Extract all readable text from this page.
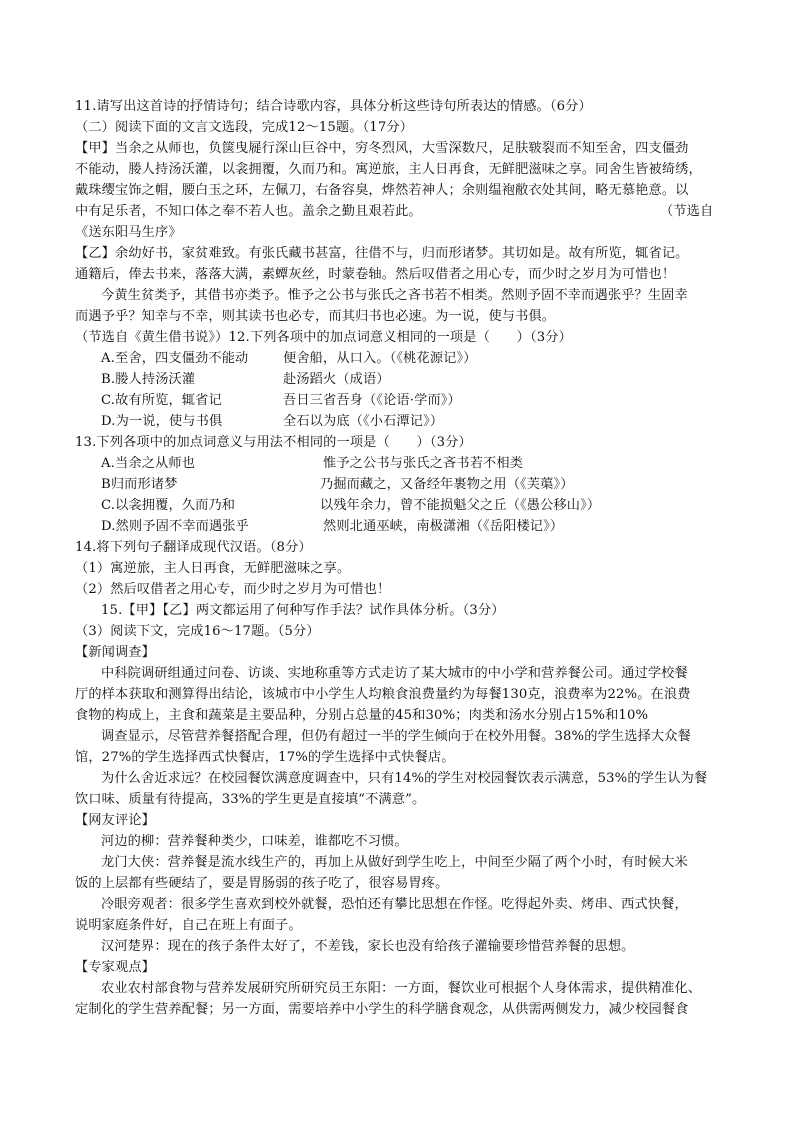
11.请写出这首诗的抒情诗句；结合诗歌内容，具体分析这些诗句所表达的情感。（6分）
（二）阅读下面的文言文选段，完成12～15题。（17分）
【甲】当余之从师也，负箧曳屣行深山巨谷中，穷冬烈风，大雪深数尺，足肤皲裂而不知至舍，四支僵劲
不能动，媵人持汤沃灌，以衾拥覆，久而乃和。寓逆旅，主人日再食，无鲜肥滋味之享。同舍生皆被绮绣，
戴珠缨宝饰之帽，腰白玉之环，左佩刀，右备容臭，烨然若神人；余则缊袍敝衣处其间，略无慕艳意。以
中有足乐者，不知口体之奉不若人也。盖余之勤且艰若此。	（节选自
《送东阳马生序》
【乙】余幼好书，家贫难致。有张氏藏书甚富，往借不与，归而形诸梦。其切如是。故有所览，辄省记。
通籍后，俸去书来，落落大满，素蟫灰丝，时蒙卷轴。然后叹借者之用心专，而少时之岁月为可惜也！
今黄生贫类予，其借书亦类予。惟予之公书与张氏之吝书若不相类。然则予固不幸而遇张乎？生固幸
而遇予乎？知幸与不幸，则其读书也必专，而其归书也必速。为一说，使与书俱。
（节选自《黄生借书说》）12.下列各项中的加点词意义相同的一项是（　　）（3分）
A.至舍，四支僵劲不能动	便舍船，从口入。（《桃花源记》）
B.媵人持汤沃灌	赴汤蹈火（成语）
C.故有所览，辄省记	吾日三省吾身（《论语·学而》）
D.为一说，使与书俱	全石以为底（《小石潭记》）
13.下列各项中的加点词意义与用法不相同的一项是（　　）（3分）
A.当余之从师也	惟予之公书与张氏之吝书若不相类
B归而形诸梦	乃掘而藏之，又备经年裹物之用（《芙蕖》）
C.以衾拥覆，久而乃和	以残年余力，曾不能损魁父之丘（《愚公移山》）
D.然则予固不幸而遇张乎	然则北通巫峡，南极潇湘（《岳阳楼记》）
14.将下列句子翻译成现代汉语。（8分）
（1）寓逆旅，主人日再食，无鲜肥滋味之享。
（2）然后叹借者之用心专，而少时之岁月为可惜也！
15.【甲】【乙】两文都运用了何种写作手法？试作具体分析。（3分）
（3）阅读下文，完成16～17题。（5分）
【新闻调查】
中科院调研组通过问卷、访谈、实地称重等方式走访了某大城市的中小学和营养餐公司。通过学校餐
厅的样本获取和测算得出结论，该城市中小学生人均粮食浪费量约为每餐130克，浪费率为22%。在浪费
食物的构成上，主食和蔬菜是主要品种，分别占总量的45和30%；肉类和汤水分别占15%和10%
调查显示，尽管营养餐搭配合理，但仍有超过一半的学生倾向于在校外用餐。38%的学生选择大众餐
馆，27%的学生选择西式快餐店，17%的学生选择中式快餐店。
为什么舍近求远？在校园餐饮满意度调查中，只有14%的学生对校园餐饮表示满意，53%的学生认为餐
饮口味、质量有待提高，33%的学生更是直接填“不满意”。
【网友评论】
河边的柳：营养餐种类少，口味差，谁都吃不习惯。
龙门大侠：营养餐是流水线生产的，再加上从做好到学生吃上，中间至少隔了两个小时，有时候大米
饭的上层都有些硬结了，要是胃肠弱的孩子吃了，很容易胃疼。
冷眼旁观者：很多学生喜欢到校外就餐，恐怕还有攀比思想在作怪。吃得起外卖、烤串、西式快餐，
说明家庭条件好，自己在班上有面子。
汉河楚界：现在的孩子条件太好了，不差钱，家长也没有给孩子灌输要珍惜营养餐的思想。
【专家观点】
农业农村部食物与营养发展研究所研究员王东阳：一方面，餐饮业可根据个人身体需求，提供精准化、
定制化的学生营养配餐；另一方面，需要培养中小学生的科学膳食观念，从供需两侧发力，减少校园餐食
